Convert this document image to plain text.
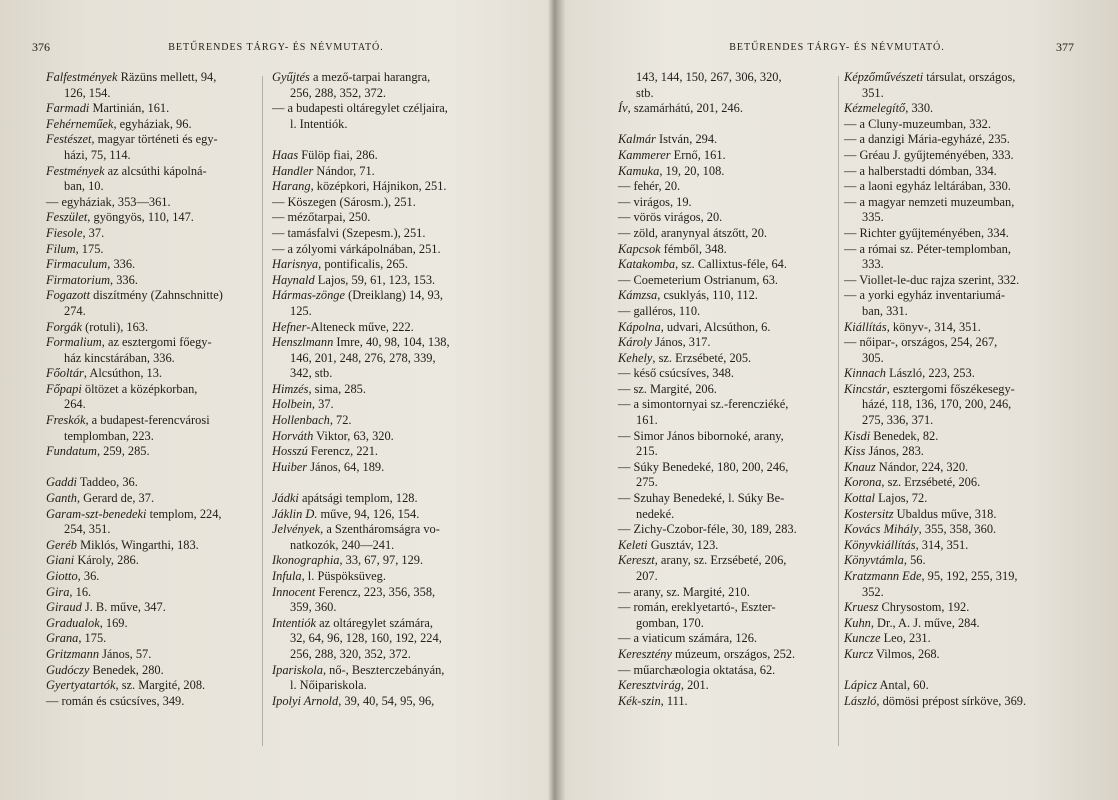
376	BETŰRENDES TÁRGY- ÉS NÉVMUTATÓ.
Falfestmények Räzüns mellett, 94,
126, 154.
Farmadi Martinián, 161.
Fehérneműek, egyháziak, 96.
Festészet, magyar történeti és egy-
házi, 75, 114.
Festmények az alcsúthi kápolná-
ban, 10.
— egyháziak, 353—361.
Feszület, gyöngyös, 110, 147.
Fiesole, 37.
Filum, 175.
Firmaculum, 336.
Firmatorium, 336.
Fogazott diszítmény (Zahnschnitte)
274.
Forgák (rotuli), 163.
Formalium, az esztergomi főegy-
ház kincstárában, 336.
Főoltár, Alcsúthon, 13.
Főpapi öltözet a középkorban,
264.
Freskók, a budapest-ferencvárosi
templomban, 223.
Fundatum, 259, 285.
Gaddi Taddeo, 36.
Ganth, Gerard de, 37.
Garam-szt-benedeki templom, 224,
254, 351.
Geréb Miklós, Wingarthi, 183.
Giani Károly, 286.
Giotto, 36.
Gira, 16.
Giraud J. B. műve, 347.
Gradualok, 169.
Grana, 175.
Gritzmann János, 57.
Gudóczy Benedek, 280.
Gyertyatartók, sz. Margité, 208.
— román és csúcsíves, 349.
Gyűjtés a mező-tarpai harangra,
256, 288, 352, 372.
— a budapesti oltáregylet czéljaira,
l. Intentiók.
Haas Fülöp fiai, 286.
Handler Nándor, 71.
Harang, középkori, Hájnikon, 251.
— Köszegen (Sárosm.), 251.
— mézőtarpai, 250.
— tamásfalvi (Szepesm.), 251.
— a zólyomi várkápolnában, 251.
Harisnya, pontificalis, 265.
Haynald Lajos, 59, 61, 123, 153.
Hármas-zönge (Dreiklang) 14, 93,
125.
Hefner-Alteneck műve, 222.
Henszlmann Imre, 40, 98, 104, 138,
146, 201, 248, 276, 278, 339,
342, stb.
Himzés, sima, 285.
Holbein, 37.
Hollenbach, 72.
Horváth Viktor, 63, 320.
Hosszú Ferencz, 221.
Huiber János, 64, 189.
Jádki apátsági templom, 128.
Jáklin D. műve, 94, 126, 154.
Jelvények, a Szentháromságra vo-
natkozók, 240—241.
Ikonographia, 33, 67, 97, 129.
Infula, l. Püspöksüveg.
Innocent Ferencz, 223, 356, 358,
359, 360.
Intentiók az oltáregylet számára,
32, 64, 96, 128, 160, 192, 224,
256, 288, 320, 352, 372.
Ipariskola, nő-, Beszterczebányán,
l. Nőipariskola.
Ipolyi Arnold, 39, 40, 54, 95, 96,
BETŰRENDES TÁRGY- ÉS NÉVMUTATÓ.	377
143, 144, 150, 267, 306, 320,
stb.
Ív, szamárhátú, 201, 246.
Kalmár István, 294.
Kammerer Ernő, 161.
Kamuka, 19, 20, 108.
— fehér, 20.
— virágos, 19.
— vörös virágos, 20.
— zöld, aranynyal átszőtt, 20.
Kapcsok fémből, 348.
Katakomba, sz. Callixtus-féle, 64.
— Coemeterium Ostrianum, 63.
Kámzsa, csuklyás, 110, 112.
— galléros, 110.
Kápolna, udvari, Alcsúthon, 6.
Károly János, 317.
Kehely, sz. Erzsébeté, 205.
— késő csúcsíves, 348.
— sz. Margité, 206.
— a simontornyai sz.-ferencziéké,
161.
— Simor János bibornoké, arany,
215.
— Súky Benedeké, 180, 200, 246,
275.
— Szuhay Benedeké, l. Súky Be-
nedeké.
— Zichy-Czobor-féle, 30, 189, 283.
Keleti Gusztáv, 123.
Kereszt, arany, sz. Erzsébeté, 206,
207.
— arany, sz. Margité, 210.
— román, ereklyetartó-, Eszter-
gomban, 170.
— a viaticum számára, 126.
Keresztény múzeum, országos, 252.
— műarchæologia oktatása, 62.
Keresztvirág, 201.
Kék-szin, 111.
Képzőművészeti társulat, országos,
351.
Kézmelegítő, 330.
— a Cluny-muzeumban, 332.
— a danzigi Mária-egyházé, 235.
— Gréau J. gyűjteményében, 333.
— a halberstadti dómban, 334.
— a laoni egyház leltárában, 330.
— a magyar nemzeti muzeumban,
335.
— Richter gyűjteményében, 334.
— a római sz. Péter-templomban,
333.
— Viollet-le-duc rajza szerint, 332.
— a yorki egyház inventariumá-
ban, 331.
Kiállítás, könyv-, 314, 351.
— nőipar-, országos, 254, 267,
305.
Kinnach László, 223, 253.
Kincstár, esztergomi főszékesegy-
házé, 118, 136, 170, 200, 246,
275, 336, 371.
Kisdi Benedek, 82.
Kiss János, 283.
Knauz Nándor, 224, 320.
Korona, sz. Erzsébeté, 206.
Kottal Lajos, 72.
Kostersitz Ubaldus műve, 318.
Kovács Mihály, 355, 358, 360.
Könyvkiállítás, 314, 351.
Könyvtámla, 56.
Kratzmann Ede, 95, 192, 255, 319,
352.
Kruesz Chrysostom, 192.
Kuhn, Dr., A. J. műve, 284.
Kuncze Leo, 231.
Kurcz Vilmos, 268.
Lápicz Antal, 60.
László, dömösi prépost sírköve, 369.
